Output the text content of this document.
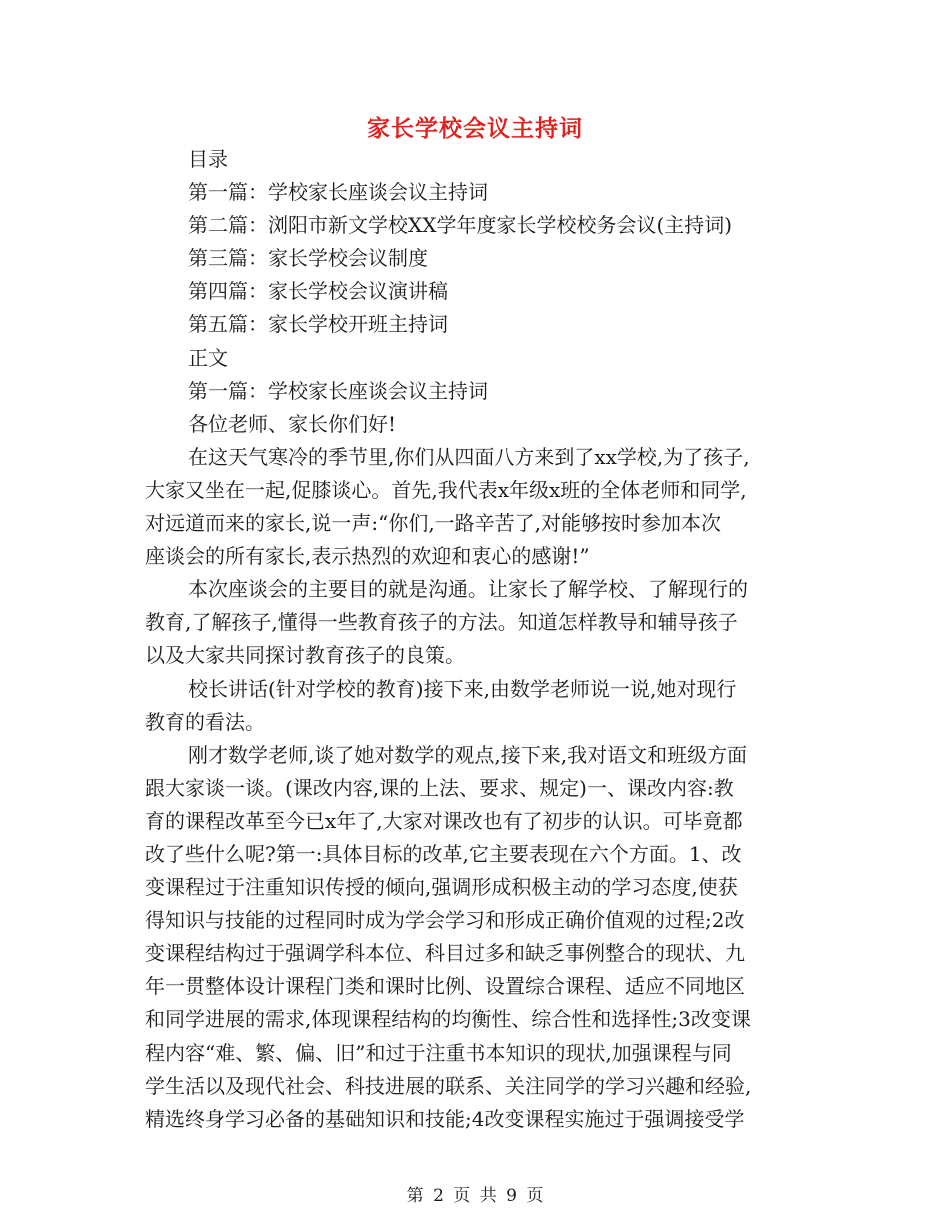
家长学校会议主持词
目录
第一篇：学校家长座谈会议主持词
第二篇：浏阳市新文学校XX学年度家长学校校务会议(主持词)
第三篇：家长学校会议制度
第四篇：家长学校会议演讲稿
第五篇：家长学校开班主持词
正文
第一篇：学校家长座谈会议主持词
各位老师、家长你们好!
在这天气寒冷的季节里,你们从四面八方来到了xx学校,为了孩子,
大家又坐在一起,促膝谈心。首先,我代表x年级x班的全体老师和同学,
对远道而来的家长,说一声:“你们,一路辛苦了,对能够按时参加本次
座谈会的所有家长,表示热烈的欢迎和衷心的感谢!”
本次座谈会的主要目的就是沟通。让家长了解学校、了解现行的
教育,了解孩子,懂得一些教育孩子的方法。知道怎样教导和辅导孩子
以及大家共同探讨教育孩子的良策。
校长讲话(针对学校的教育)接下来,由数学老师说一说,她对现行
教育的看法。
刚才数学老师,谈了她对数学的观点,接下来,我对语文和班级方面
跟大家谈一谈。(课改内容,课的上法、要求、规定)一、课改内容:教
育的课程改革至今已x年了,大家对课改也有了初步的认识。可毕竟都
改了些什么呢?第一:具体目标的改革,它主要表现在六个方面。1、改
变课程过于注重知识传授的倾向,强调形成积极主动的学习态度,使获
得知识与技能的过程同时成为学会学习和形成正确价值观的过程;2改
变课程结构过于强调学科本位、科目过多和缺乏事例整合的现状、九
年一贯整体设计课程门类和课时比例、设置综合课程、适应不同地区
和同学进展的需求,体现课程结构的均衡性、综合性和选择性;3改变课
程内容“难、繁、偏、旧”和过于注重书本知识的现状,加强课程与同
学生活以及现代社会、科技进展的联系、关注同学的学习兴趣和经验,
精选终身学习必备的基础知识和技能;4改变课程实施过于强调接受学
第 2 页 共 9 页
